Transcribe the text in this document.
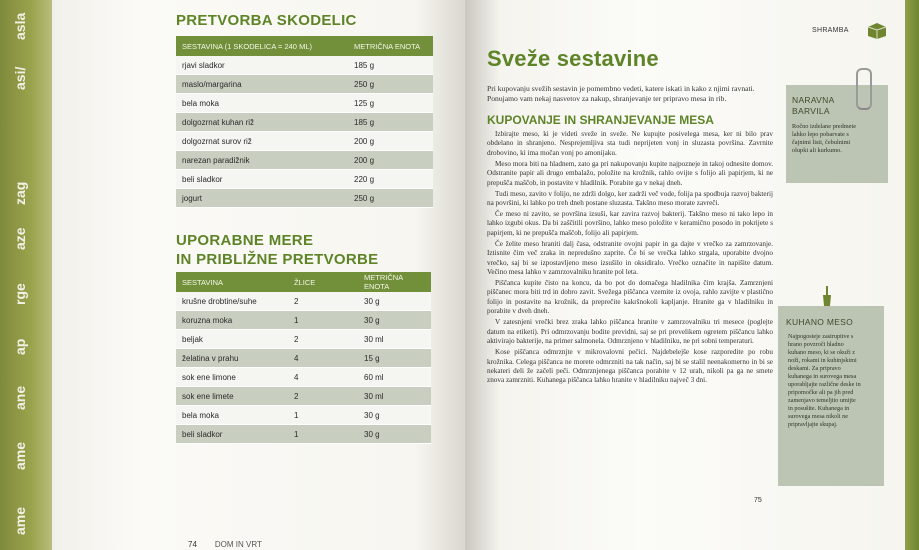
asla
asi/
zag
aze
rge
ap
ane
ame
ame
PRETVORBA SKODELIC
SESTAVINA (1 SKODELICA = 240 ML)	METRIČNA ENOTA
rjavi sladkor	185 g
maslo/margarina	250 g
bela moka	125 g
dolgozrnat kuhan riž	185 g
dolgozrnat surov riž	200 g
narezan paradižnik	200 g
beli sladkor	220 g
jogurt	250 g
UPORABNE MERE
IN PRIBLIŽNE PRETVORBE
SESTAVINA	ŽLICE	METRIČNA ENOTA
krušne drobtine/suhe	2	30 g
koruzna moka	1	30 g
beljak	2	30 ml
želatina v prahu	4	15 g
sok ene limone	4	60 ml
sok ene limete	2	30 ml
bela moka	1	30 g
beli sladkor	1	30 g
74 DOM IN VRT
SHRAMBA
Sveže sestavine
Pri kupovanju svežih sestavin je pomembno vedeti, katere iskati in kako z njimi ravnati. Ponujamo vam nekaj nasvetov za nakup, shranjevanje ter pripravo mesa in rib.
KUPOVANJE IN SHRANJEVANJE MESA

Izbirajte meso, ki je videti sveže in sveže. Ne kupujte posivelega mesa, ker ni bilo prav obdelano in shranjeno. Nesprejemljiva sta tudi neprijeten vonj in sluzasta površina. Zavrnite drobovino, ki ima močan vonj po amonijaku.

Meso mora biti na hladnem, zato ga pri nakupovanju kupite najpozneje in takoj odnesite domov. Odstranite papir ali drugo embalažo, položite na krožnik, rahlo ovijte s folijo ali papirjem, ki ne prepušča maščob, in postavite v hladilnik. Porabite ga v nekaj dneh.

Tudi meso, zavito v folijo, ne zdrži dolgo, ker zadrži več vode, folija pa spodbuja razvoj bakterij na površini, ki lahko po treh dneh postane sluzasta. Takšno meso morate zavreči.

Če meso ni zavito, se površina izsuši, kar zavira razvoj bakterij. Takšno meso ni tako lepo in lahko izgubi okus. Da bi zaščitili površino, lahko meso položite v keramično posodo in pokrijete s papirjem, ki ne prepušča maščob, folijo ali papirjem.

Če želite meso hraniti dalj časa, odstranite ovojni papir in ga dajte v vrečko za zamrzovanje. Iztisnite čim več zraka in nepredušno zaprite. Če bi se vrečka lahko strgala, uporabite dvojno vrečko, saj bi se izpostavljeno meso izsušilo in oksidiralo. Vrečko označite in napišite datum. Večino mesa lahko v zamrzovalniku hranite pol leta.

Piščanca kupite čisto na koncu, da bo pot do domačega hladilnika čim krajša. Zamrznjeni piščanec mora biti trd in dobro zavit. Svežega piščanca vzemite iz ovoja, rahlo zavijte v plastično folijo in postavite na krožnik, da preprečite kakršnokoli kapljanje. Hranite ga v hladilniku in porabite v dveh dneh.

V zatesnjeni vrečki brez zraka lahko piščanca hranite v zamrzovalniku tri mesece (poglejte datum na etiketi). Pri odmrzovanju bodite previdni, saj se pri prevelikem ogretem piščancu lahko aktivirajo bakterije, na primer salmonela. Odmrznjeno v hladilniku, ne pri sobni temperaturi.

Kose piščanca odmrznjte v mikrovalovni pečici. Najdebelejše kose razporedite po robu krožnika. Celega piščanca ne morete odmrzniti na tak način, saj bi se stalil neenakomerno in bi se nekateri deli že začeli peči. Odmrznjenega piščanca porabite v 12 urah, nikoli pa ga ne smete znova zamrzniti. Kuhanega piščanca lahko hranite v hladilniku največ 3 dni.

75
NARAVNA
BARVILA
Ročno izdelane predmete lahko lepo pobarvate s čajnimi listi, čebulnimi olupki ali kurkumo.
KUHANO MESO
Najpogosteje zastrupitve s hrano povzroči hladno kuhano meso, ki se okuži z noži, rokami in kuhinjskimi deskami. Za pripravo kuhanega in surovega mesa uporabljajte različne deske in pripomočke ali pa jih pred zamenjavo temeljito umijte in posušite. Kuhanega in surovega mesa nikoli ne pripravljajte skupaj.
